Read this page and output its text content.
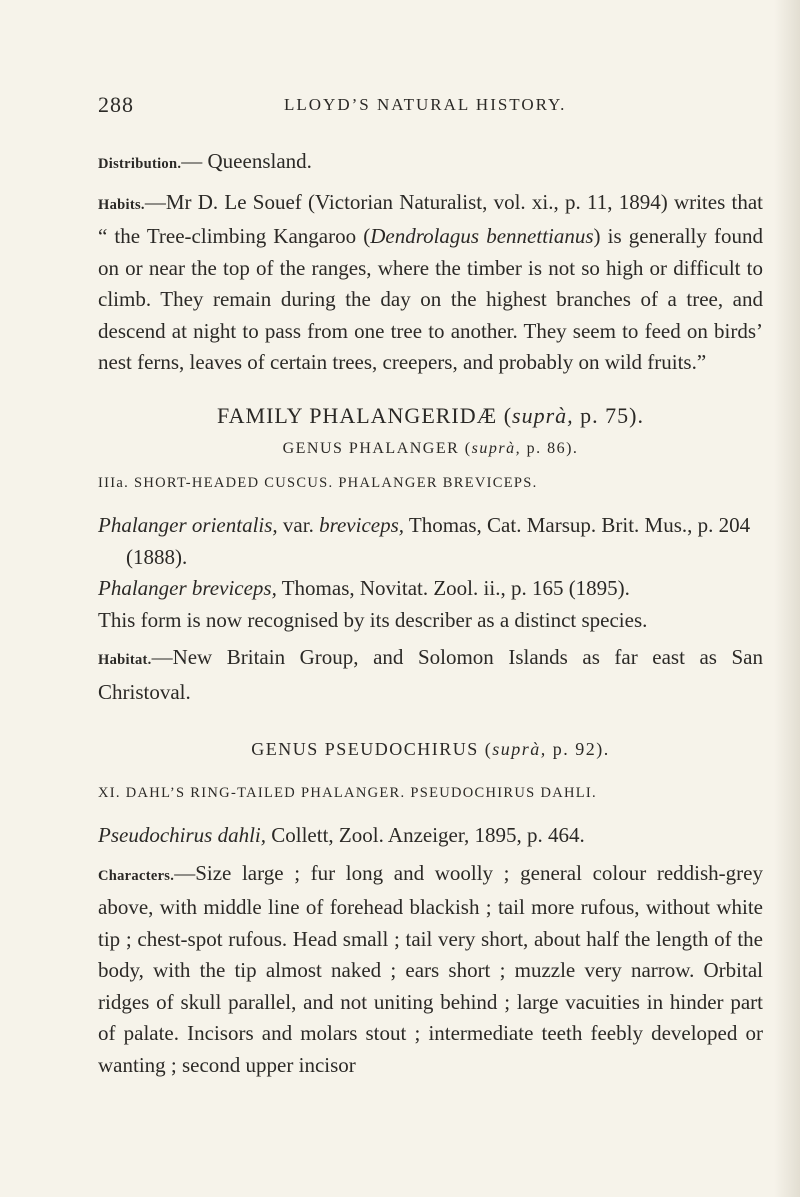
288	LLOYD’S NATURAL HISTORY.

Distribution.— Queensland.

Habits.—Mr D. Le Souef (Victorian Naturalist, vol. xi., p. 11, 1894) writes that “ the Tree-climbing Kangaroo (Dendrolagus bennettianus) is generally found on or near the top of the ranges, where the timber is not so high or difficult to climb. They remain during the day on the highest branches of a tree, and descend at night to pass from one tree to another. They seem to feed on birds’ nest ferns, leaves of certain trees, creepers, and probably on wild fruits.”

FAMILY PHALANGERIDÆ (suprà, p. 75).

GENUS PHALANGER (suprà, p. 86).

IIIa. SHORT-HEADED CUSCUS. PHALANGER BREVICEPS.

Phalanger orientalis, var. breviceps, Thomas, Cat. Marsup. Brit. Mus., p. 204 (1888).

Phalanger breviceps, Thomas, Novitat. Zool. ii., p. 165 (1895).

This form is now recognised by its describer as a distinct species.

Habitat.—New Britain Group, and Solomon Islands as far east as San Christoval.

GENUS PSEUDOCHIRUS (suprà, p. 92).

XI. DAHL’S RING-TAILED PHALANGER. PSEUDOCHIRUS DAHLI.

Pseudochirus dahli, Collett, Zool. Anzeiger, 1895, p. 464.

Characters.—Size large ; fur long and woolly ; general colour reddish-grey above, with middle line of forehead blackish ; tail more rufous, without white tip ; chest-spot rufous. Head small ; tail very short, about half the length of the body, with the tip almost naked ; ears short ; muzzle very narrow. Orbital ridges of skull parallel, and not uniting behind ; large vacuities in hinder part of palate. Incisors and molars stout ; intermediate teeth feebly developed or wanting ; second upper incisor
